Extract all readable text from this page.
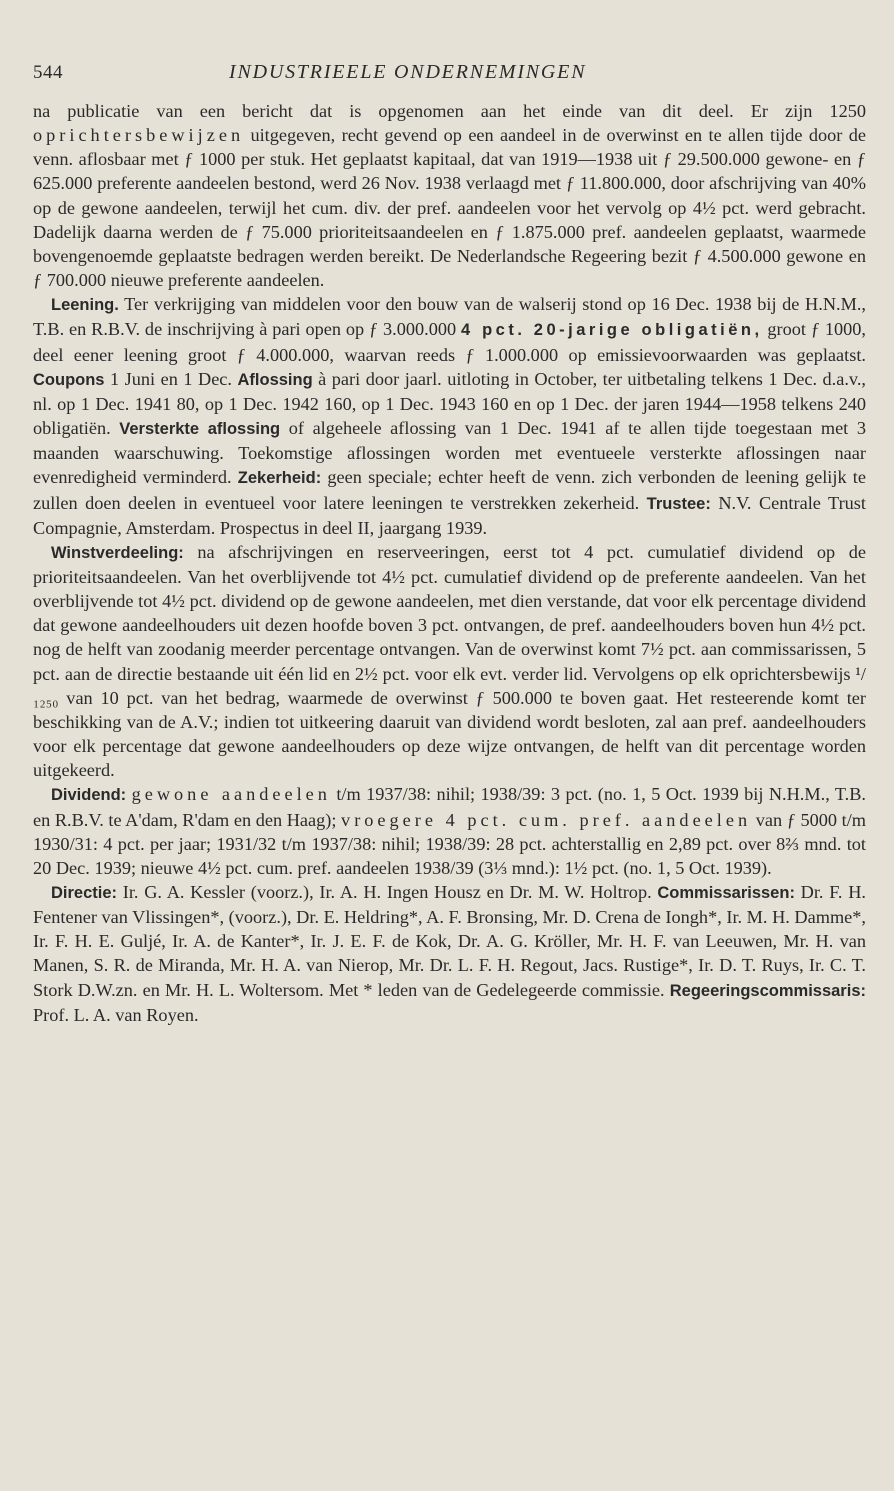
544	INDUSTRIEELE ONDERNEMINGEN

na publicatie van een bericht dat is opgenomen aan het einde van dit deel. Er zijn 1250 oprichtersbewijzen uitgegeven, recht gevend op een aandeel in de overwinst en te allen tijde door de venn. aflosbaar met ƒ 1000 per stuk. Het geplaatst kapitaal, dat van 1919—1938 uit ƒ 29.500.000 gewone- en ƒ 625.000 preferente aandeelen bestond, werd 26 Nov. 1938 verlaagd met ƒ 11.800.000, door afschrijving van 40% op de gewone aandeelen, terwijl het cum. div. der pref. aandeelen voor het vervolg op 4½ pct. werd gebracht. Dadelijk daarna werden de ƒ 75.000 prioriteitsaandeelen en ƒ 1.875.000 pref. aandeelen geplaatst, waarmede bovengenoemde geplaatste bedragen werden bereikt. De Nederlandsche Regeering bezit ƒ 4.500.000 gewone en ƒ 700.000 nieuwe preferente aandeelen.

Leening. Ter verkrijging van middelen voor den bouw van de walserij stond op 16 Dec. 1938 bij de H.N.M., T.B. en R.B.V. de inschrijving à pari open op ƒ 3.000.000 4 pct. 20-jarige obligatiën, groot ƒ 1000, deel eener leening groot ƒ 4.000.000, waarvan reeds ƒ 1.000.000 op emissievoorwaarden was geplaatst. Coupons 1 Juni en 1 Dec. Aflossing à pari door jaarl. uitloting in October, ter uitbetaling telkens 1 Dec. d.a.v., nl. op 1 Dec. 1941 80, op 1 Dec. 1942 160, op 1 Dec. 1943 160 en op 1 Dec. der jaren 1944—1958 telkens 240 obligatiën. Versterkte aflossing of algeheele aflossing van 1 Dec. 1941 af te allen tijde toegestaan met 3 maanden waarschuwing. Toekomstige aflossingen worden met eventueele versterkte aflossingen naar evenredigheid verminderd. Zekerheid: geen speciale; echter heeft de venn. zich verbonden de leening gelijk te zullen doen deelen in eventueel voor latere leeningen te verstrekken zekerheid. Trustee: N.V. Centrale Trust Compagnie, Amsterdam. Prospectus in deel II, jaargang 1939.

Winstverdeeling: na afschrijvingen en reserveeringen, eerst tot 4 pct. cumulatief dividend op de prioriteitsaandeelen. Van het overblijvende tot 4½ pct. cumulatief dividend op de preferente aandeelen. Van het overblijvende tot 4½ pct. dividend op de gewone aandeelen, met dien verstande, dat voor elk percentage dividend dat gewone aandeelhouders uit dezen hoofde boven 3 pct. ontvangen, de pref. aandeelhouders boven hun 4½ pct. nog de helft van zoodanig meerder percentage ontvangen. Van de overwinst komt 7½ pct. aan commissarissen, 5 pct. aan de directie bestaande uit één lid en 2½ pct. voor elk evt. verder lid. Vervolgens op elk oprichtersbewijs ¹/₁₂₅₀ van 10 pct. van het bedrag, waarmede de overwinst ƒ 500.000 te boven gaat. Het resteerende komt ter beschikking van de A.V.; indien tot uitkeering daaruit van dividend wordt besloten, zal aan pref. aandeelhouders voor elk percentage dat gewone aandeelhouders op deze wijze ontvangen, de helft van dit percentage worden uitgekeerd.

Dividend: gewone aandeelen t/m 1937/38: nihil; 1938/39: 3 pct. (no. 1, 5 Oct. 1939 bij N.H.M., T.B. en R.B.V. te A'dam, R'dam en den Haag); vroegere 4 pct. cum. pref. aandeelen van ƒ 5000 t/m 1930/31: 4 pct. per jaar; 1931/32 t/m 1937/38: nihil; 1938/39: 28 pct. achterstallig en 2,89 pct. over 8⅔ mnd. tot 20 Dec. 1939; nieuwe 4½ pct. cum. pref. aandeelen 1938/39 (3⅓ mnd.): 1½ pct. (no. 1, 5 Oct. 1939).

Directie: Ir. G. A. Kessler (voorz.), Ir. A. H. Ingen Housz en Dr. M. W. Holtrop. Commissarissen: Dr. F. H. Fentener van Vlissingen*, (voorz.), Dr. E. Heldring*, A. F. Bronsing, Mr. D. Crena de Iongh*, Ir. M. H. Damme*, Ir. F. H. E. Guljé, Ir. A. de Kanter*, Ir. J. E. F. de Kok, Dr. A. G. Kröller, Mr. H. F. van Leeuwen, Mr. H. van Manen, S. R. de Miranda, Mr. H. A. van Nierop, Mr. Dr. L. F. H. Regout, Jacs. Rustige*, Ir. D. T. Ruys, Ir. C. T. Stork D.W.zn. en Mr. H. L. Woltersom. Met * leden van de Gedelegeerde commissie. Regeeringscommissaris: Prof. L. A. van Royen.
